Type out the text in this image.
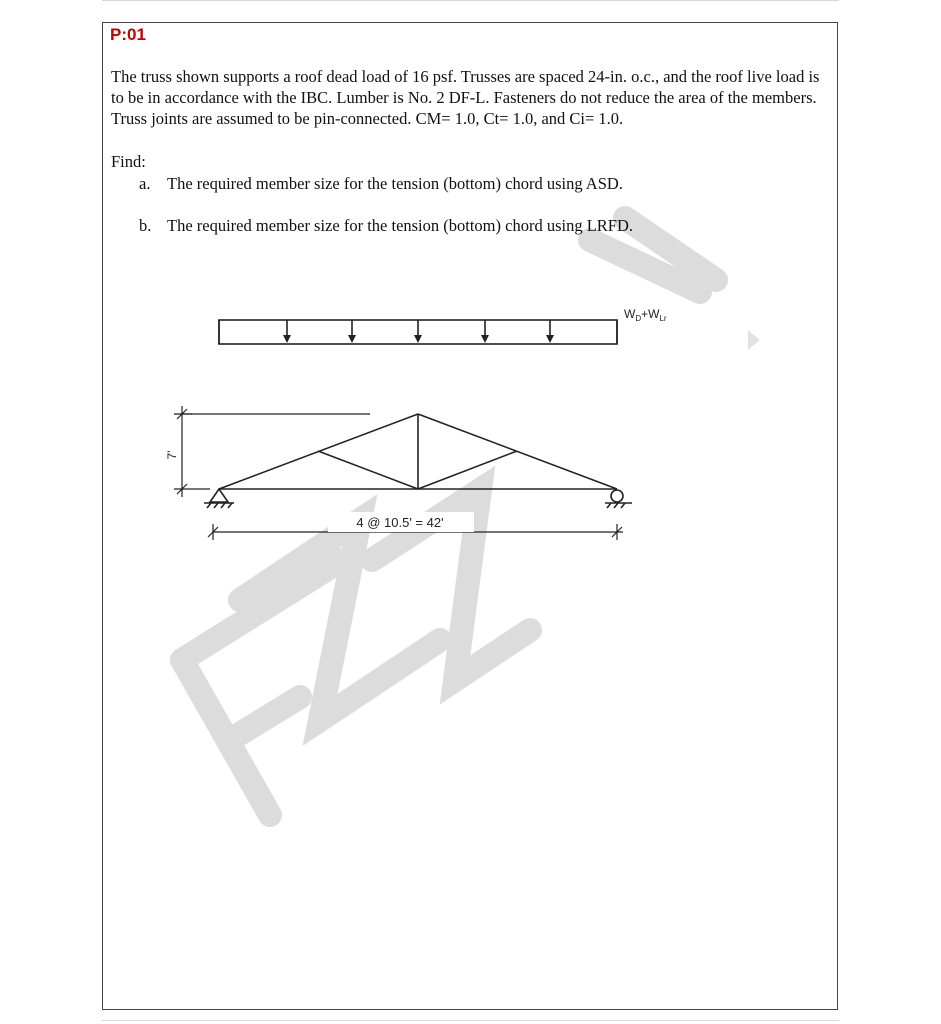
P:01

The truss shown supports a roof dead load of 16 psf. Trusses are spaced 24-in. o.c., and the roof live load is to be in accordance with the IBC. Lumber is No. 2 DF-L. Fasteners do not reduce the area of the members. Truss joints are assumed to be pin-connected. CM= 1.0, Ct= 1.0, and Ci= 1.0.

Find:
a. The required member size for the tension (bottom) chord using ASD.
b. The required member size for the tension (bottom) chord using LRFD.
$W_D+W_{Lr}$
7'
4 @ 10.5' = 42'
